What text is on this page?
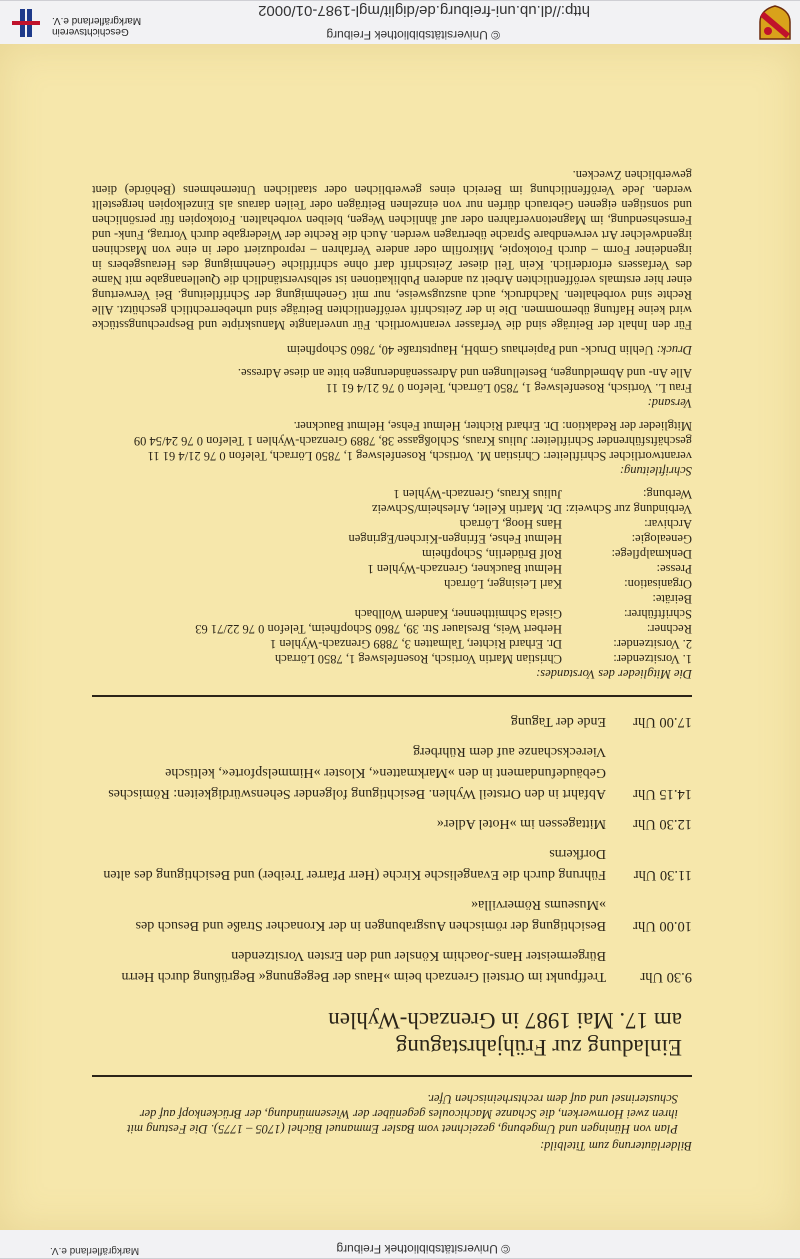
http://dl.ub.uni-freiburg.de/diglit/mgl-1987-01/0002
© Universitätsbibliothek Freiburg
Geschichtsverein
Markgräflerland e.V.
Bilderläuterung zum Titelbild:
Plan von Hüningen und Umgebung, gezeichnet vom Basler Emmanuel Büchel (1705 – 1775). Die Festung mit ihren zwei Hornwerken, die Schanze Machicoules gegenüber der Wiesenmündung, der Brückenkopf auf der Schusterinsel und auf dem rechtsrheinischen Ufer.
Einladung zur Frühjahrstagung
am 17. Mai 1987 in Grenzach-Wyhlen
9.30 Uhr
Treffpunkt im Ortsteil Grenzach beim »Haus der Begegnung« Begrüßung durch Herrn Bürgermeister Hans-Joachim Könsler und den Ersten Vorsitzenden
10.00 Uhr
Besichtigung der römischen Ausgrabungen in der Kronacher Straße und Besuch des »Museums Römervilla«
11.30 Uhr
Führung durch die Evangelische Kirche (Herr Pfarrer Treiber) und Besichtigung des alten Dorfkerns
12.30 Uhr
Mittagessen im »Hotel Adler«
14.15 Uhr
Abfahrt in den Ortsteil Wyhlen. Besichtigung folgender Sehenswürdigkeiten: Römisches Gebäudefundament in den »Markmatten«, Kloster »Himmelspforte«, keltische Viereckschanze auf dem Rührberg
17.00 Uhr
Ende der Tagung
Die Mitglieder des Vorstandes:
1. Vorsitzender:
Christian Martin Vortisch, Rosenfelsweg 1, 7850 Lörrach
2. Vorsitzender:
Dr. Erhard Richter, Talmatten 3, 7889 Grenzach-Wyhlen 1
Rechner:
Herbert Weis, Breslauer Str. 39, 7860 Schopfheim, Telefon 0 76 22/71 63
Schriftführer:
Gisela Schmitthenner, Kandern Wollbach
Beiräte:
Organisation:
Karl Leisinger, Lörrach
Presse:
Helmut Bauckner, Grenzach-Wyhlen 1
Denkmalpflege:
Rolf Brüderlin, Schopfheim
Genealogie:
Helmut Fehse, Efringen-Kirchen/Egringen
Archivar:
Hans Hoog, Lörrach
Verbindung zur Schweiz:
Dr. Martin Keller, Arlesheim/Schweiz
Werbung:
Julius Kraus, Grenzach-Wyhlen 1
Schriftleitung:
verantwortlicher Schriftleiter: Christian M. Vortisch, Rosenfelsweg 1, 7850 Lörrach, Telefon 0 76 21/4 61 11
geschäftsführender Schriftleiter: Julius Kraus, Schloßgasse 38, 7889 Grenzach-Wyhlen 1 Telefon 0 76 24/54 09
Mitglieder der Redaktion: Dr. Erhard Richter, Helmut Fehse, Helmut Bauckner.
Versand:
Frau L. Vortisch, Rosenfelsweg 1, 7850 Lörrach, Telefon 0 76 21/4 61 11
Alle An- und Abmeldungen, Bestellungen und Adressenänderungen bitte an diese Adresse.
Druck: Uehlin Druck- und Papierhaus GmbH, Hauptstraße 40, 7860 Schopfheim
Für den Inhalt der Beiträge sind die Verfasser verantwortlich. Für unverlangte Manuskripte und Besprechungsstücke wird keine Haftung übernommen. Die in der Zeitschrift veröffentlichten Beiträge sind urheberrechtlich geschützt. Alle Rechte sind vorbehalten. Nachdruck, auch auszugsweise, nur mit Genehmigung der Schriftleitung. Bei Verwertung einer hier erstmals veröffentlichten Arbeit zu anderen Publikationen ist selbstverständlich die Quellenangabe mit Name des Verfassers erforderlich. Kein Teil dieser Zeitschrift darf ohne schriftliche Genehmigung des Herausgebers in irgendeiner Form – durch Fotokopie, Mikrofilm oder andere Verfahren – reproduziert oder in eine von Maschinen irgendwelcher Art verwendbare Sprache übertragen werden. Auch die Rechte der Wiedergabe durch Vortrag, Funk- und Fernsehsendung, im Magnetonverfahren oder auf ähnlichen Wegen, bleiben vorbehalten. Fotokopien für persönlichen und sonstigen eigenen Gebrauch dürfen nur von einzelnen Beiträgen oder Teilen daraus als Einzelkopien hergestellt werden. Jede Veröffentlichung im Bereich eines gewerblichen oder staatlichen Unternehmens (Behörde) dient gewerblichen Zwecken.
© Universitätsbibliothek Freiburg
Markgräflerland e.V.
